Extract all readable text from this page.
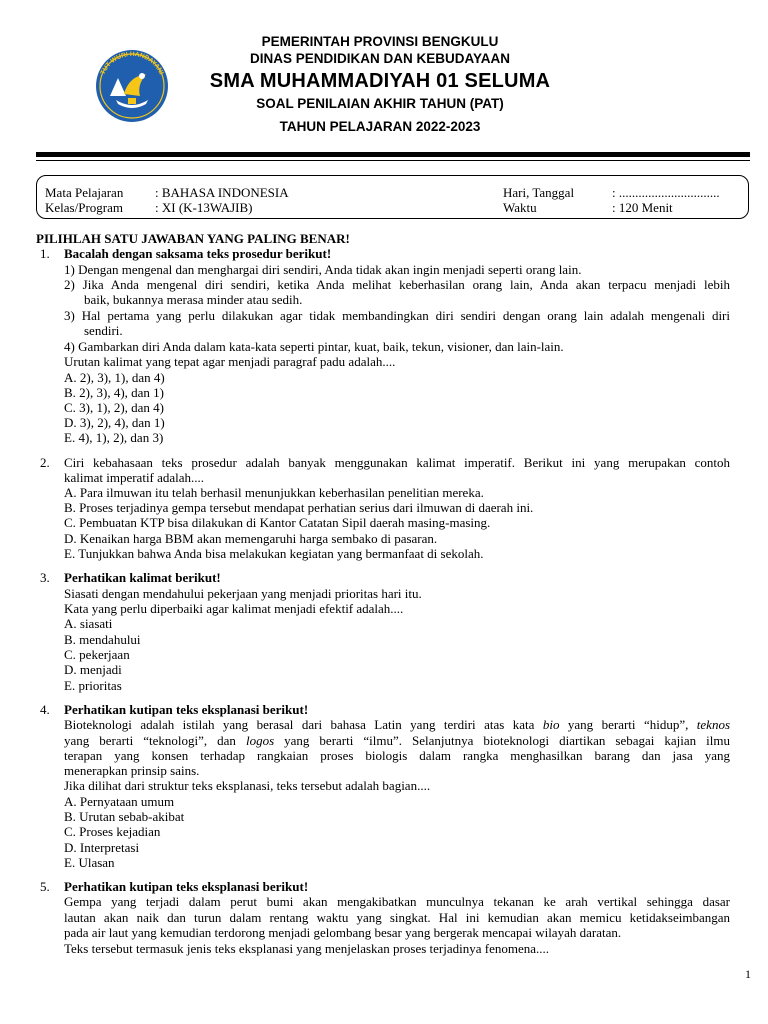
TUT WURI HANDAYANI
PEMERINTAH PROVINSI BENGKULU
DINAS PENDIDIKAN DAN KEBUDAYAAN
SMA MUHAMMADIYAH 01 SELUMA
SOAL PENILAIAN AKHIR TAHUN (PAT)
TAHUN PELAJARAN 2022-2023
Mata Pelajaran : BAHASA INDONESIA
Kelas/Program : XI (K-13WAJIB)
Hari, Tanggal	: ...............................
Waktu	: 120 Menit
PILIHLAH SATU JAWABAN YANG PALING BENAR!
1. Bacalah dengan saksama teks prosedur berikut!
1) Dengan mengenal dan menghargai diri sendiri, Anda tidak akan ingin menjadi seperti orang lain.
2) Jika Anda mengenal diri sendiri, ketika Anda melihat keberhasilan orang lain, Anda akan terpacu menjadi lebih
baik, bukannya merasa minder atau sedih.
3) Hal pertama yang perlu dilakukan agar tidak membandingkan diri sendiri dengan orang lain adalah mengenali diri
sendiri.
4) Gambarkan diri Anda dalam kata-kata seperti pintar, kuat, baik, tekun, visioner, dan lain-lain.
Urutan kalimat yang tepat agar menjadi paragraf padu adalah....
A. 2), 3), 1), dan 4)
B. 2), 3), 4), dan 1)
C. 3), 1), 2), dan 4)
D. 3), 2), 4), dan 1)
E. 4), 1), 2), dan 3)
2. Ciri kebahasaan teks prosedur adalah banyak menggunakan kalimat imperatif. Berikut ini yang merupakan contoh
kalimat imperatif adalah....
A. Para ilmuwan itu telah berhasil menunjukkan keberhasilan penelitian mereka.
B. Proses terjadinya gempa tersebut mendapat perhatian serius dari ilmuwan di daerah ini.
C. Pembuatan KTP bisa dilakukan di Kantor Catatan Sipil daerah masing-masing.
D. Kenaikan harga BBM akan memengaruhi harga sembako di pasaran.
E. Tunjukkan bahwa Anda bisa melakukan kegiatan yang bermanfaat di sekolah.
3. Perhatikan kalimat berikut!
Siasati dengan mendahului pekerjaan yang menjadi prioritas hari itu.
Kata yang perlu diperbaiki agar kalimat menjadi efektif adalah....
A. siasati
B. mendahului
C. pekerjaan
D. menjadi
E. prioritas
4. Perhatikan kutipan teks eksplanasi berikut!
Bioteknologi adalah istilah yang berasal dari bahasa Latin yang terdiri atas kata bio yang berarti “hidup”, teknos
yang berarti “teknologi”, dan logos yang berarti “ilmu”. Selanjutnya bioteknologi diartikan sebagai kajian ilmu
terapan yang konsen terhadap rangkaian proses biologis dalam rangka menghasilkan barang dan jasa yang
menerapkan prinsip sains.
Jika dilihat dari struktur teks eksplanasi, teks tersebut adalah bagian....
A. Pernyataan umum
B. Urutan sebab-akibat
C. Proses kejadian
D. Interpretasi
E. Ulasan
5. Perhatikan kutipan teks eksplanasi berikut!
Gempa yang terjadi dalam perut bumi akan mengakibatkan munculnya tekanan ke arah vertikal sehingga dasar
lautan akan naik dan turun dalam rentang waktu yang singkat. Hal ini kemudian akan memicu ketidakseimbangan
pada air laut yang kemudian terdorong menjadi gelombang besar yang bergerak mencapai wilayah daratan.
Teks tersebut termasuk jenis teks eksplanasi yang menjelaskan proses terjadinya fenomena....
1
